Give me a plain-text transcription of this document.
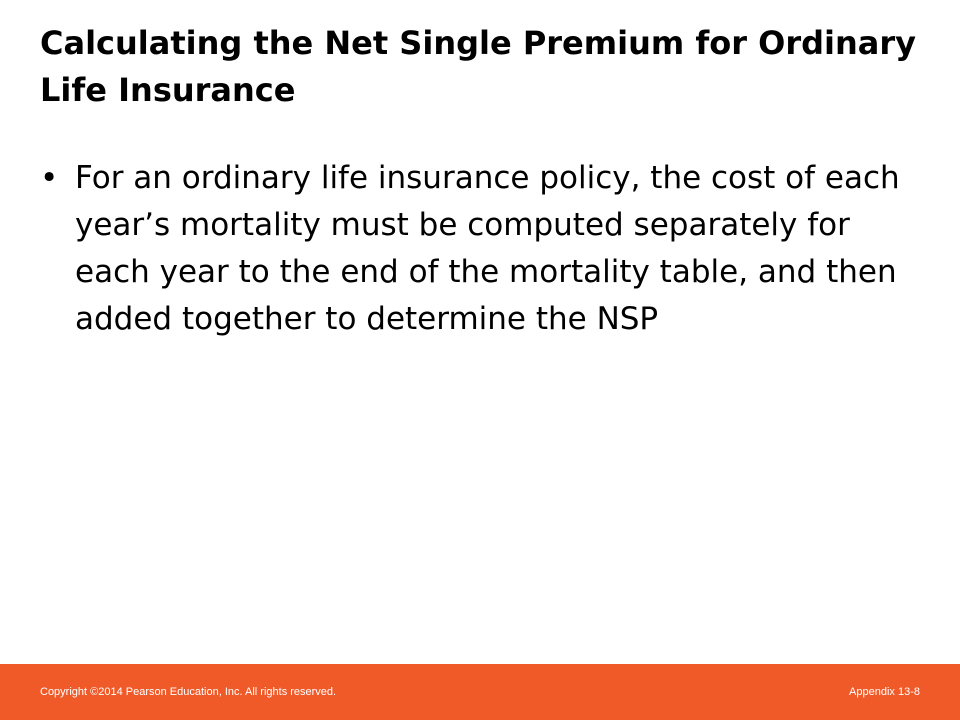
Calculating the Net Single Premium for Ordinary Life Insurance
• For an ordinary life insurance policy, the cost of each year’s mortality must be computed separately for each year to the end of the mortality table, and then added together to determine the NSP
Copyright ©2014 Pearson Education, Inc. All rights reserved.	Appendix 13-8
